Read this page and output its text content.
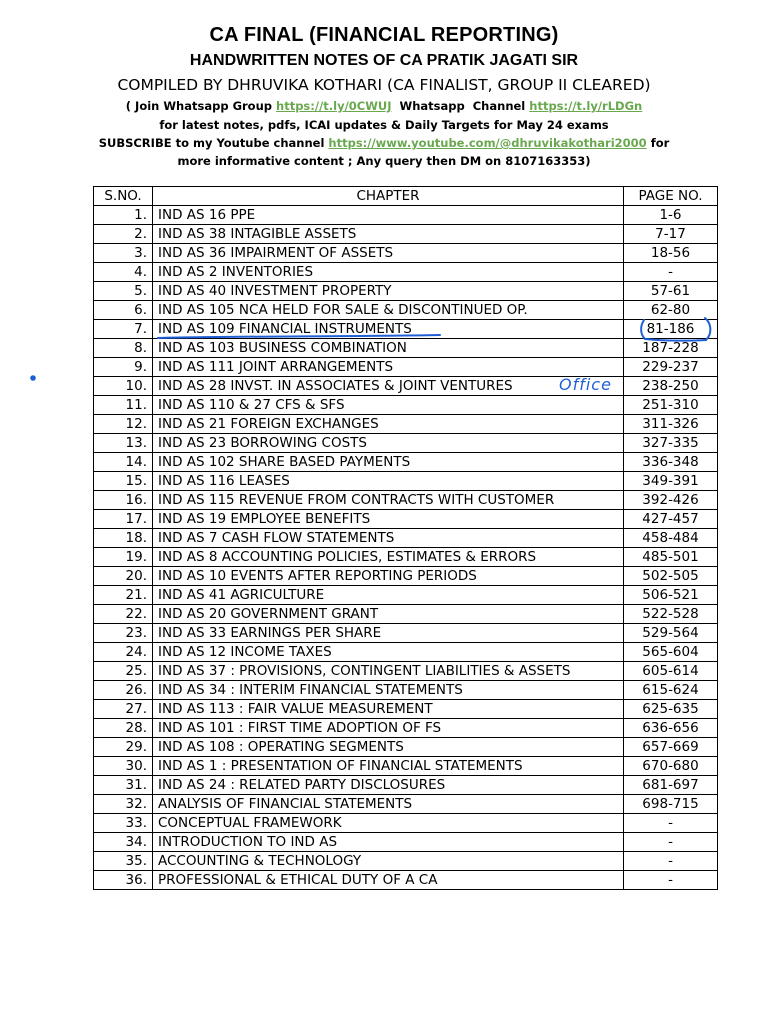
CA FINAL (FINANCIAL REPORTING)
HANDWRITTEN NOTES OF CA PRATIK JAGATI SIR
COMPILED BY DHRUVIKA KOTHARI (CA FINALIST, GROUP II CLEARED)
( Join Whatsapp Group https://t.ly/0CWUJ  Whatsapp  Channel https://t.ly/rLDGn
for latest notes, pdfs, ICAI updates & Daily Targets for May 24 exams
SUBSCRIBE to my Youtube channel https://www.youtube.com/@dhruvikakothari2000 for
more informative content ; Any query then DM on 8107163353)
S.NO.	CHAPTER	PAGE NO.
1.	IND AS 16 PPE	1-6
2.	IND AS 38 INTAGIBLE ASSETS	7-17
3.	IND AS 36 IMPAIRMENT OF ASSETS	18-56
4.	IND AS 2 INVENTORIES	-
5.	IND AS 40 INVESTMENT PROPERTY	57-61
6.	IND AS 105 NCA HELD FOR SALE & DISCONTINUED OP.	62-80
7.	IND AS 109 FINANCIAL INSTRUMENTS	81-186
8.	IND AS 103 BUSINESS COMBINATION	187-228
9.	IND AS 111 JOINT ARRANGEMENTS	229-237
10.	IND AS 28 INVST. IN ASSOCIATES & JOINT VENTURES	238-250
11.	IND AS 110 & 27 CFS & SFS	251-310
12.	IND AS 21 FOREIGN EXCHANGES	311-326
13.	IND AS 23 BORROWING COSTS	327-335
14.	IND AS 102 SHARE BASED PAYMENTS	336-348
15.	IND AS 116 LEASES	349-391
16.	IND AS 115 REVENUE FROM CONTRACTS WITH CUSTOMER	392-426
17.	IND AS 19 EMPLOYEE BENEFITS	427-457
18.	IND AS 7 CASH FLOW STATEMENTS	458-484
19.	IND AS 8 ACCOUNTING POLICIES, ESTIMATES & ERRORS	485-501
20.	IND AS 10 EVENTS AFTER REPORTING PERIODS	502-505
21.	IND AS 41 AGRICULTURE	506-521
22.	IND AS 20 GOVERNMENT GRANT	522-528
23.	IND AS 33 EARNINGS PER SHARE	529-564
24.	IND AS 12 INCOME TAXES	565-604
25.	IND AS 37 : PROVISIONS, CONTINGENT LIABILITIES & ASSETS	605-614
26.	IND AS 34 : INTERIM FINANCIAL STATEMENTS	615-624
27.	IND AS 113 : FAIR VALUE MEASUREMENT	625-635
28.	IND AS 101 : FIRST TIME ADOPTION OF FS	636-656
29.	IND AS 108 : OPERATING SEGMENTS	657-669
30.	IND AS 1 : PRESENTATION OF FINANCIAL STATEMENTS	670-680
31.	IND AS 24 : RELATED PARTY DISCLOSURES	681-697
32.	ANALYSIS OF FINANCIAL STATEMENTS	698-715
33.	CONCEPTUAL FRAMEWORK	-
34.	INTRODUCTION TO IND AS	-
35.	ACCOUNTING & TECHNOLOGY	-
36.	PROFESSIONAL & ETHICAL DUTY OF A CA	-
Office
